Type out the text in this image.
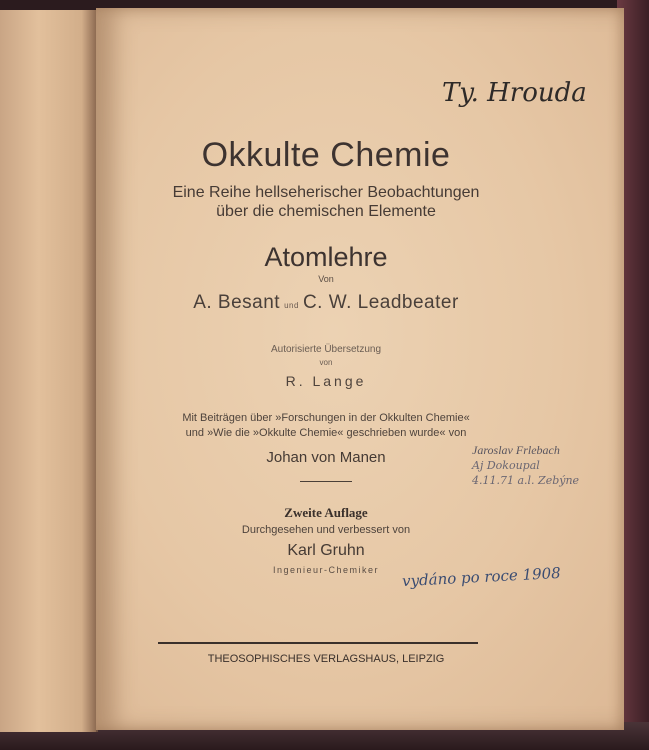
Okkulte Chemie
Eine Reihe hellseherischer Beobachtungen
über die chemischen Elemente
Atomlehre
Von
A. Besant und C. W. Leadbeater
Autorisierte Übersetzung
von
R. Lange
Mit Beiträgen über »Forschungen in der Okkulten Chemie«
und »Wie die »Okkulte Chemie« geschrieben wurde« von
Johan von Manen
Zweite Auflage
Durchgesehen und verbessert von
Karl Gruhn
Ingenieur-Chemiker
THEOSOPHISCHES VERLAGSHAUS, LEIPZIG
Ty. Hrouda
Jaroslav Frlebach
Aj Dokoupal
4.11.71 a.l. Zebýne
vydáno po roce 1908
